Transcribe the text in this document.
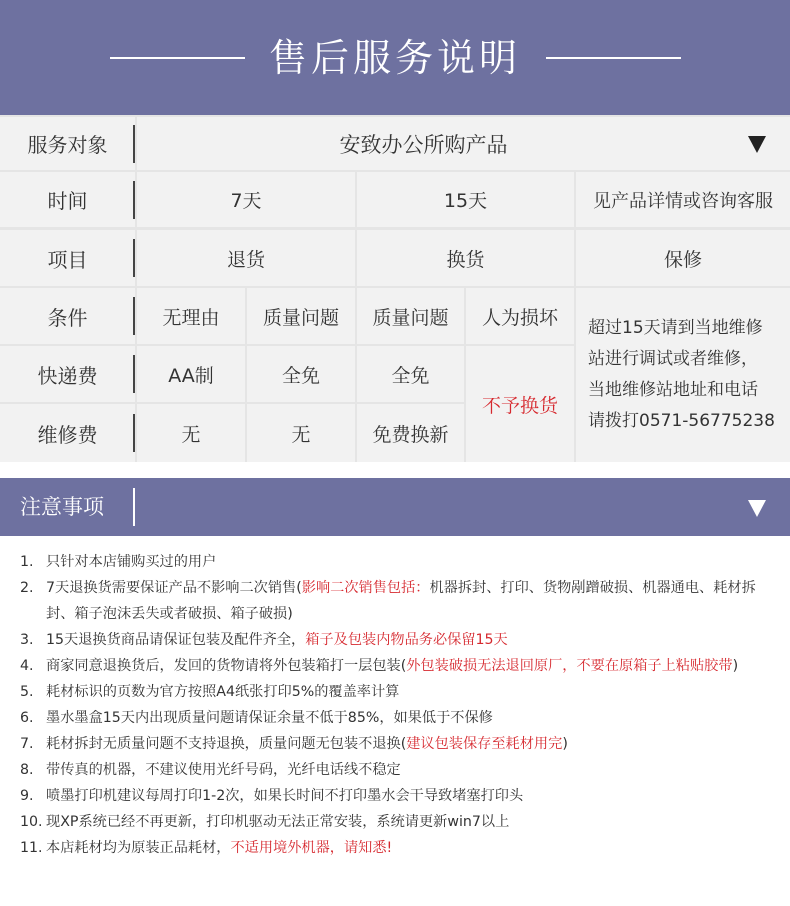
售后服务说明
服务对象	安致办公所购产品
时间	7天	15天	见产品详情或咨询客服
项目	退货	换货	保修
条件	无理由	质量问题	质量问题	人为损坏
快递费	AA制	全免	全免
维修费	无	无	免费换新
不予换货
超过15天请到当地维修
站进行调试或者维修，
当地维修站地址和电话
请拨打0571-56775238
注意事项
1. 只针对本店铺购买过的用户
2. 7天退换货需要保证产品不影响二次销售(影响二次销售包括：机器拆封、打印、货物剐蹭破损、机器通电、耗材拆封、箱子泡沫丢失或者破损、箱子破损)
3. 15天退换货商品请保证包装及配件齐全，箱子及包装内物品务必保留15天
4. 商家同意退换货后，发回的货物请将外包装箱打一层包装(外包装破损无法退回原厂，不要在原箱子上粘贴胶带)
5. 耗材标识的页数为官方按照A4纸张打印5%的覆盖率计算
6. 墨水墨盒15天内出现质量问题请保证余量不低于85%，如果低于不保修
7. 耗材拆封无质量问题不支持退换，质量问题无包装不退换(建议包装保存至耗材用完)
8. 带传真的机器，不建议使用光纤号码，光纤电话线不稳定
9. 喷墨打印机建议每周打印1-2次，如果长时间不打印墨水会干导致堵塞打印头
10. 现XP系统已经不再更新，打印机驱动无法正常安装，系统请更新win7以上
11. 本店耗材均为原装正品耗材，不适用境外机器，请知悉!
